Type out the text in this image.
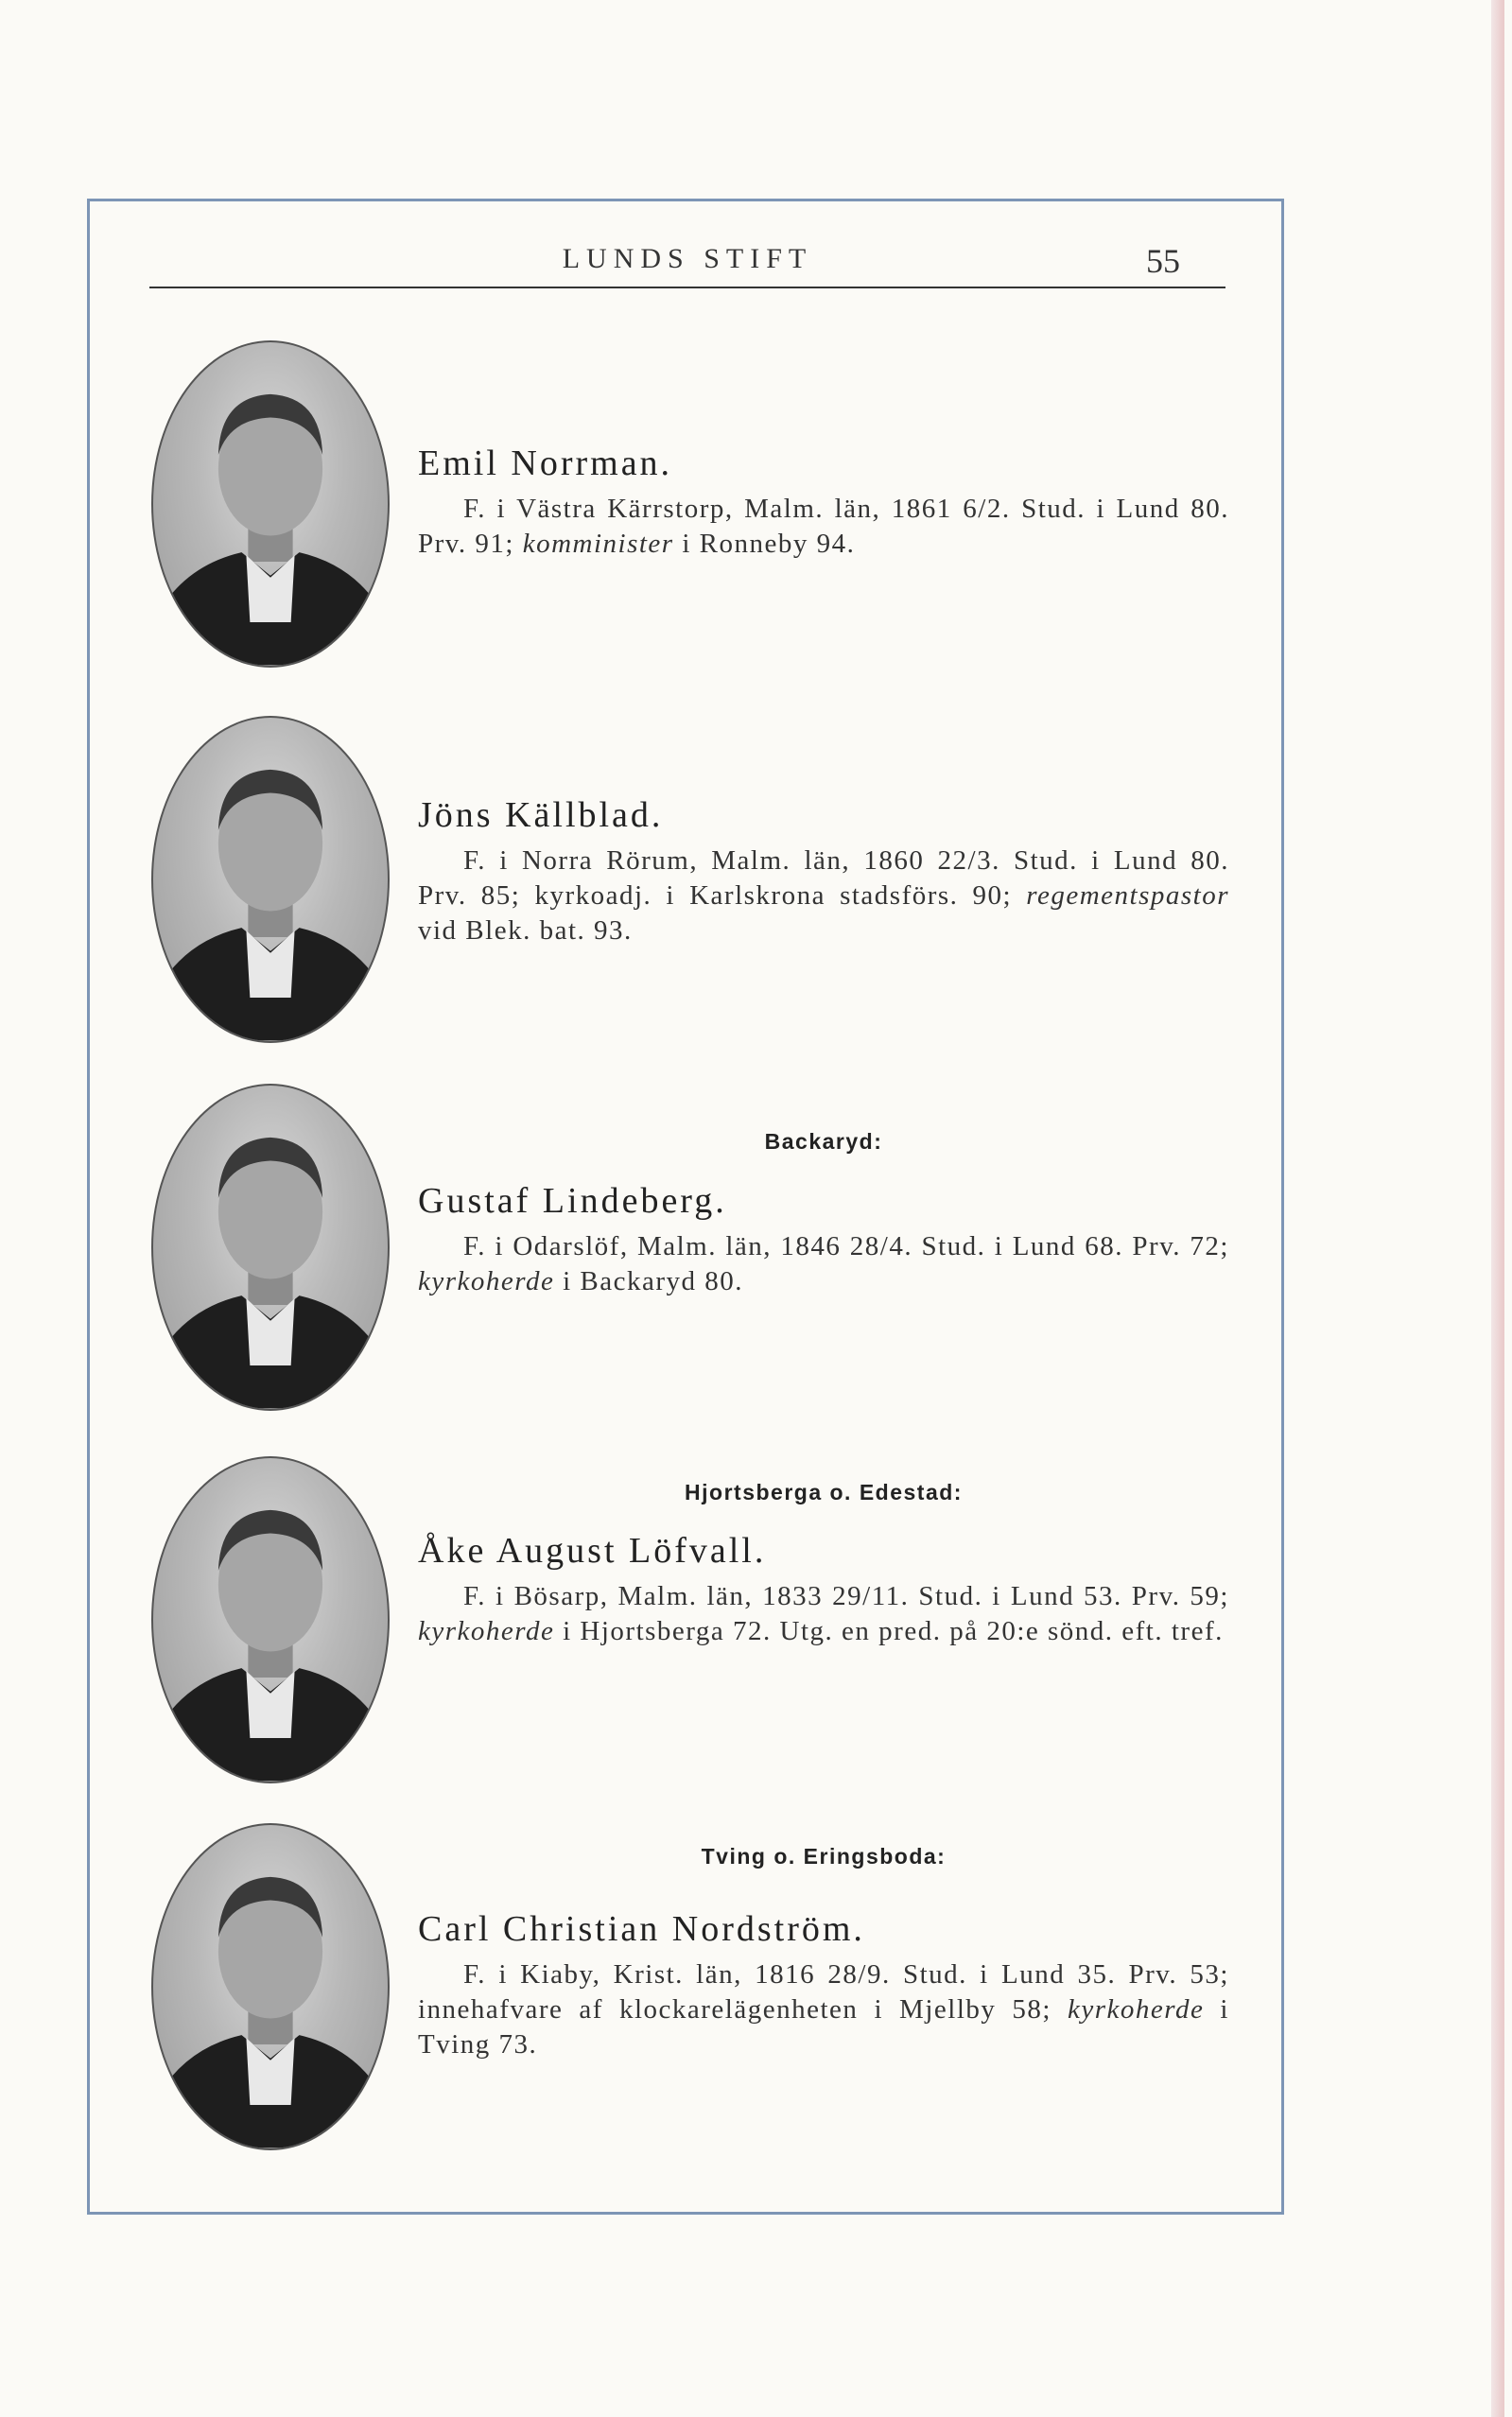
LUNDS STIFT	55
Emil Norrman.

F. i Västra Kärrstorp, Malm. län, 1861 6/2. Stud. i Lund 80. Prv. 91; komminister i Ronneby 94.

Jöns Källblad.

F. i Norra Rörum, Malm. län, 1860 22/3. Stud. i Lund 80. Prv. 85; kyrkoadj. i Karlskrona stadsförs. 90; regementspastor vid Blek. bat. 93.

Backaryd:
Gustaf Lindeberg.

F. i Odarslöf, Malm. län, 1846 28/4. Stud. i Lund 68. Prv. 72; kyrkoherde i Backaryd 80.

Hjortsberga o. Edestad:
Åke August Löfvall.

F. i Bösarp, Malm. län, 1833 29/11. Stud. i Lund 53. Prv. 59; kyrkoherde i Hjortsberga 72. Utg. en pred. på 20:e sönd. eft. tref.

Tving o. Eringsboda:
Carl Christian Nordström.

F. i Kiaby, Krist. län, 1816 28/9. Stud. i Lund 35. Prv. 53; innehafvare af klockarelägenheten i Mjellby 58; kyrkoherde i Tving 73.
